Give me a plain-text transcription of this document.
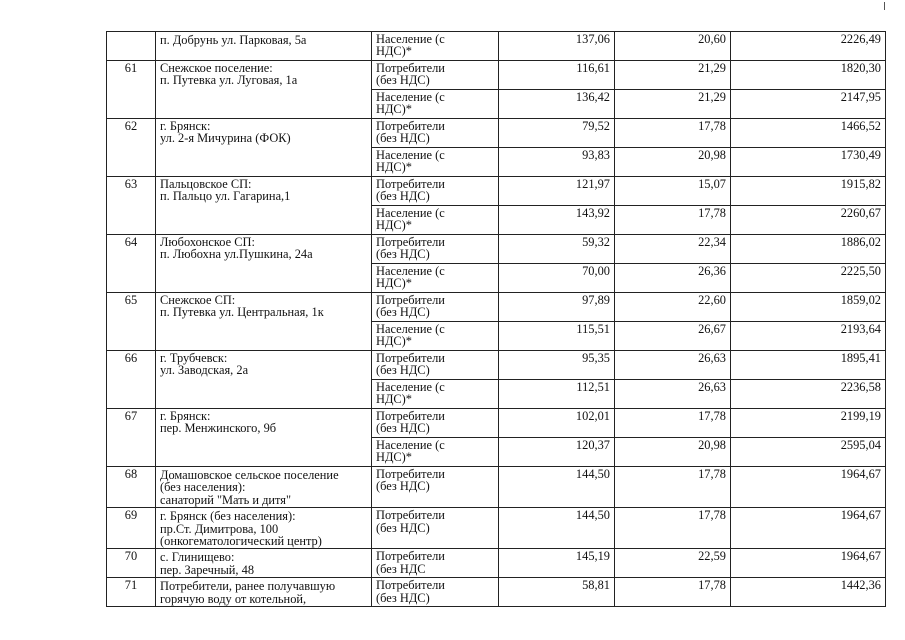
	п. Добрунь ул. Парковая, 5а	Население (с
НДС)*	137,06	20,60	2226,49
61	Снежское поселение:
п. Путевка ул. Луговая, 1а	Потребители
(без НДС)	116,61	21,29	1820,30
		Население (с
НДС)*	136,42	21,29	2147,95
62	г. Брянск:
ул. 2-я Мичурина (ФОК)	Потребители
(без НДС)	79,52	17,78	1466,52
		Население (с
НДС)*	93,83	20,98	1730,49
63	Пальцовское СП:
п. Пальцо ул. Гагарина,1	Потребители
(без НДС)	121,97	15,07	1915,82
		Население (с
НДС)*	143,92	17,78	2260,67
64	Любохонское СП:
п. Любохна ул.Пушкина, 24а	Потребители
(без НДС)	59,32	22,34	1886,02
		Население (с
НДС)*	70,00	26,36	2225,50
65	Снежское СП:
п. Путевка ул. Центральная, 1к	Потребители
(без НДС)	97,89	22,60	1859,02
		Население (с
НДС)*	115,51	26,67	2193,64
66	г. Трубчевск:
ул. Заводская, 2а	Потребители
(без НДС)	95,35	26,63	1895,41
		Население (с
НДС)*	112,51	26,63	2236,58
67	г. Брянск:
пер. Менжинского, 9б	Потребители
(без НДС)	102,01	17,78	2199,19
		Население (с
НДС)*	120,37	20,98	2595,04
68	Домашовское сельское поселение
(без населения):
санаторий "Мать и дитя"	Потребители
(без НДС)	144,50	17,78	1964,67
69	г. Брянск (без населения):
пр.Ст. Димитрова, 100
(онкогематологический центр)	Потребители
(без НДС)	144,50	17,78	1964,67
70	с. Глинищево:
пер. Заречный, 48	Потребители
(без НДС	145,19	22,59	1964,67
71	Потребители, ранее получавшую
горячую воду от котельной,	Потребители
(без НДС)	58,81	17,78	1442,36
